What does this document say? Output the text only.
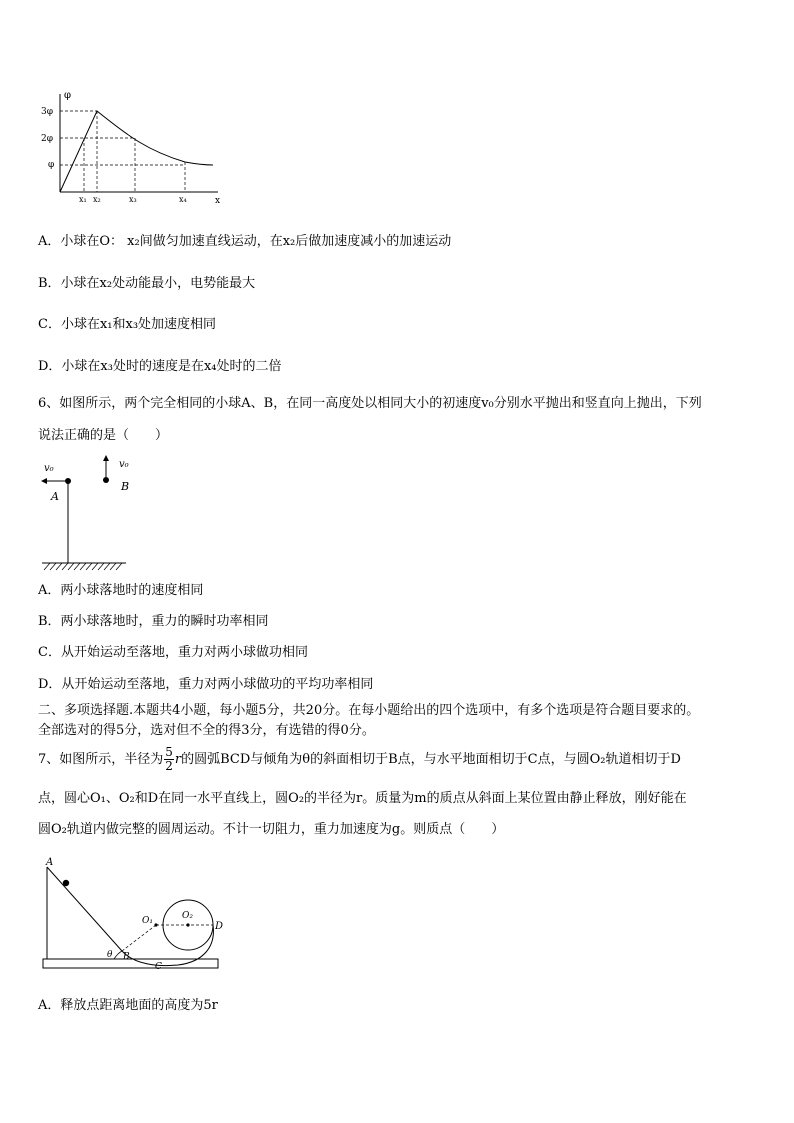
φ
3φ
2φ
φ
x
x₁ x₂	x₃	x₄
A．小球在O： x₂间做匀加速直线运动，在x₂后做加速度减小的加速运动
B．小球在x₂处动能最小，电势能最大
C．小球在x₁和x₃处加速度相同
D．小球在x₃处时的速度是在x₄处时的二倍
6、如图所示，两个完全相同的小球A、B，在同一高度处以相同大小的初速度v₀分别水平抛出和竖直向上抛出，下列
说法正确的是（　　）
v₀
A
v₀
B
A．两小球落地时的速度相同
B．两小球落地时，重力的瞬时功率相同
C．从开始运动至落地，重力对两小球做功相同
D．从开始运动至落地，重力对两小球做功的平均功率相同
二、多项选择题.本题共4小题，每小题5分，共20分。在每小题给出的四个选项中，有多个选项是符合题目要求的。
全部选对的得5分，选对但不全的得3分，有选错的得0分。
7、如图所示，半径为 $\frac{5}{2}$ r的圆弧BCD与倾角为θ的斜面相切于B点，与水平地面相切于C点，与圆O₂轨道相切于D
点，圆心O₁、O₂和D在同一水平直线上，圆O₂的半径为r。质量为m的质点从斜面上某位置由静止释放，刚好能在
圆O₂轨道内做完整的圆周运动。不计一切阻力，重力加速度为g。则质点（　　）
A
B
C
D
O₁	O₂
θ
A．释放点距离地面的高度为5r
